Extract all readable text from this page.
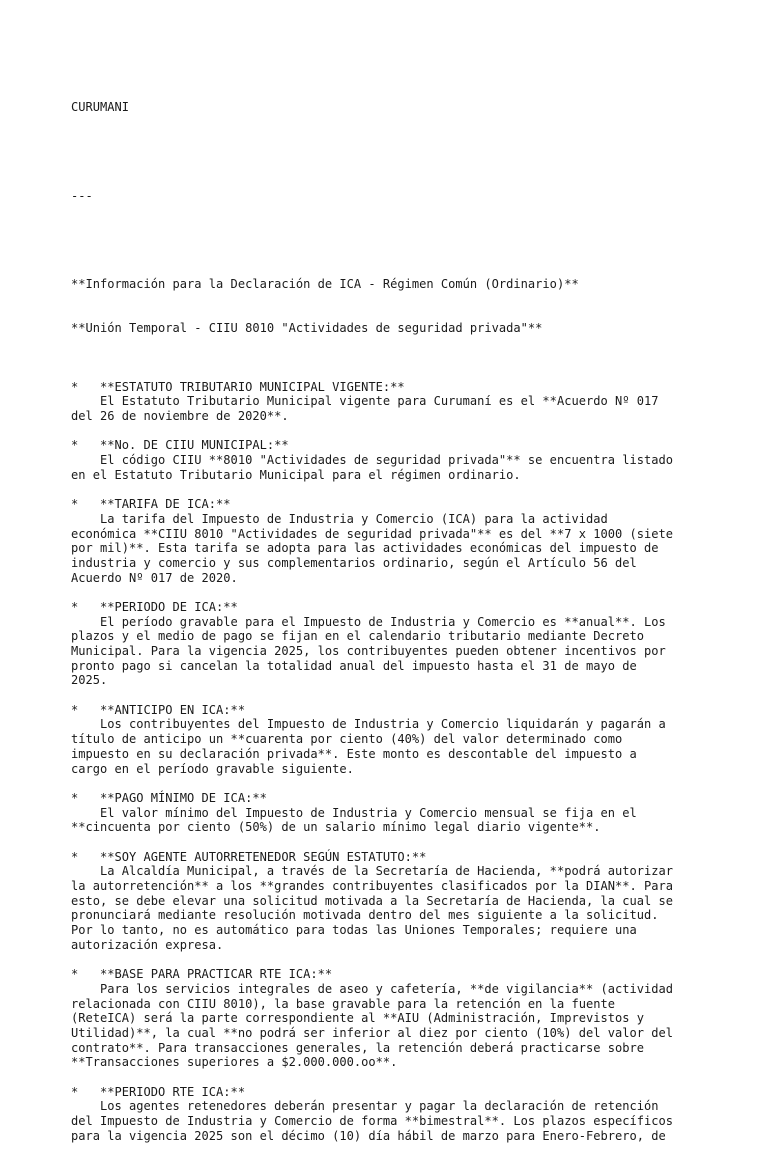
CURUMANI

---

**Información para la Declaración de ICA - Régimen Común (Ordinario)**

**Unión Temporal - CIIU 8010 "Actividades de seguridad privada"**

*   **ESTATUTO TRIBUTARIO MUNICIPAL VIGENTE:**
El Estatuto Tributario Municipal vigente para Curumaní es el **Acuerdo Nº 017
del 26 de noviembre de 2020**.
*   **No. DE CIIU MUNICIPAL:**
El código CIIU **8010 "Actividades de seguridad privada"** se encuentra listado
en el Estatuto Tributario Municipal para el régimen ordinario.
*   **TARIFA DE ICA:**
La tarifa del Impuesto de Industria y Comercio (ICA) para la actividad
económica **CIIU 8010 "Actividades de seguridad privada"** es del **7 x 1000 (siete
por mil)**. Esta tarifa se adopta para las actividades económicas del impuesto de
industria y comercio y sus complementarios ordinario, según el Artículo 56 del
Acuerdo Nº 017 de 2020.
*   **PERIODO DE ICA:**
El período gravable para el Impuesto de Industria y Comercio es **anual**. Los
plazos y el medio de pago se fijan en el calendario tributario mediante Decreto
Municipal. Para la vigencia 2025, los contribuyentes pueden obtener incentivos por
pronto pago si cancelan la totalidad anual del impuesto hasta el 31 de mayo de
2025.
*   **ANTICIPO EN ICA:**
Los contribuyentes del Impuesto de Industria y Comercio liquidarán y pagarán a
título de anticipo un **cuarenta por ciento (40%) del valor determinado como
impuesto en su declaración privada**. Este monto es descontable del impuesto a
cargo en el período gravable siguiente.
*   **PAGO MÍNIMO DE ICA:**
El valor mínimo del Impuesto de Industria y Comercio mensual se fija en el
**cincuenta por ciento (50%) de un salario mínimo legal diario vigente**.
*   **SOY AGENTE AUTORRETENEDOR SEGÚN ESTATUTO:**
La Alcaldía Municipal, a través de la Secretaría de Hacienda, **podrá autorizar
la autorretención** a los **grandes contribuyentes clasificados por la DIAN**. Para
esto, se debe elevar una solicitud motivada a la Secretaría de Hacienda, la cual se
pronunciará mediante resolución motivada dentro del mes siguiente a la solicitud.
Por lo tanto, no es automático para todas las Uniones Temporales; requiere una
autorización expresa.
*   **BASE PARA PRACTICAR RTE ICA:**
Para los servicios integrales de aseo y cafetería, **de vigilancia** (actividad
relacionada con CIIU 8010), la base gravable para la retención en la fuente
(ReteICA) será la parte correspondiente al **AIU (Administración, Imprevistos y
Utilidad)**, la cual **no podrá ser inferior al diez por ciento (10%) del valor del
contrato**. Para transacciones generales, la retención deberá practicarse sobre
**Transacciones superiores a $2.000.000.oo**.
*   **PERIODO RTE ICA:**
Los agentes retenedores deberán presentar y pagar la declaración de retención
del Impuesto de Industria y Comercio de forma **bimestral**. Los plazos específicos
para la vigencia 2025 son el décimo (10) día hábil de marzo para Enero-Febrero, de
